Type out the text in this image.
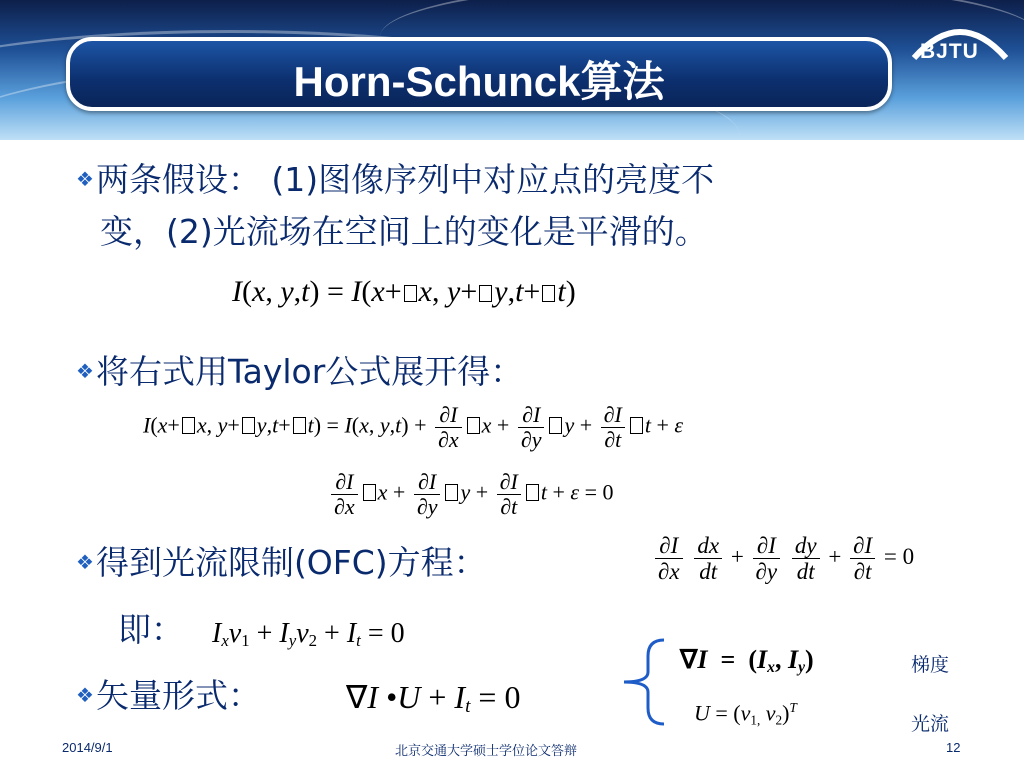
Horn-Schunck算法
BJTU
❖两条假设： (1)图像序列中对应点的亮度不
变，(2)光流场在空间上的变化是平滑的。
I(x, y,t) = I(x+ x, y+ y,t+ t)
❖将右式用Taylor公式展开得：
I(x+ x, y+ y,t+ t) = I(x, $y,t) + \frac{\partial I}{\partial x}$ $x + \frac{\partial I}{\partial y}$ $y + \frac{\partial I}{\partial t}$ t + ε
$\frac{\partial I}{\partial x}$ $x + \frac{\partial I}{\partial y}$ $y + \frac{\partial I}{\partial t}$ t + ε = 0
❖得到光流限制(OFC)方程：	$\frac{\partial I}{\partial x}$
$\frac{dx}{dt} + \frac{\partial I}{\partial y}$
$\frac{dy}{dt} + \frac{\partial I}{\partial t} = 0$
即： $I_xv_1 + I_yv_2 + I_t = 0$
❖矢量形式：	∇I •U + $I_t = 0$
$\nabla I = (I_x$, $I_y$)
$U = (v_{1,}$ $v_2)^T$
梯度
光流
2014/9/1	北京交通大学硕士学位论文答辩	12
